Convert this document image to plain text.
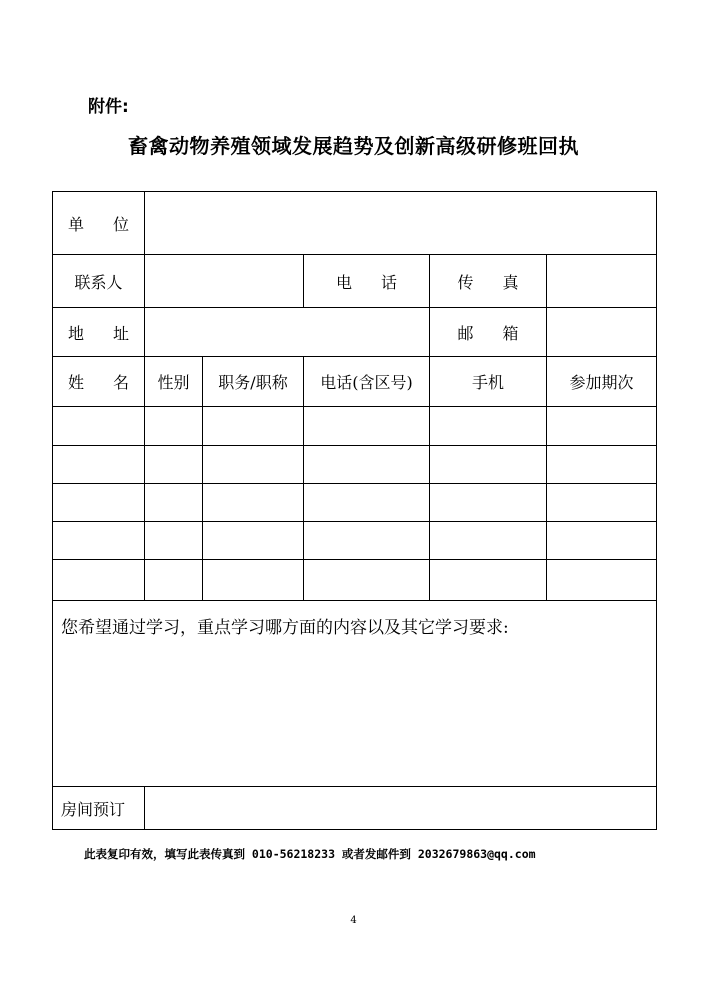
附件:
畜禽动物养殖领域发展趋势及创新高级研修班回执
单 位					
联系人			电 话	传 真	
地 址				邮 箱	
姓 名	性别	职务/职称	电话(含区号)	手机	参加期次

您希望通过学习，重点学习哪方面的内容以及其它学习要求:					
房间预订					
此表复印有效，填写此表传真到 010-56218233 或者发邮件到 2032679863@qq.com
4
